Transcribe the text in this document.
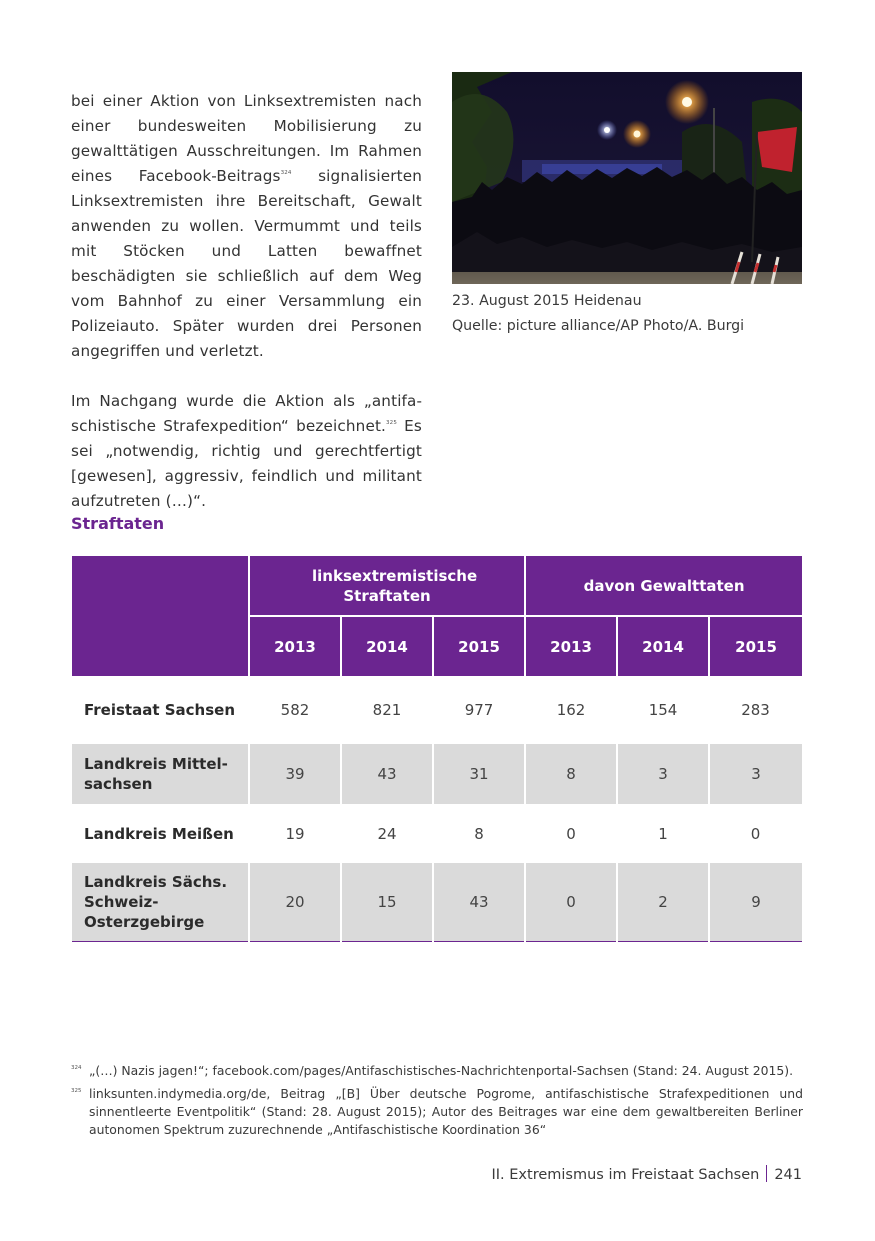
bei einer Aktion von Linksextremisten nach einer bundesweiten Mobilisierung zu gewalttätigen Ausschreitungen. Im Rahmen eines Facebook-Beitrags$^{324}$ signalisierten Linksextremisten ihre Bereitschaft, Gewalt anwenden zu wollen. Vermummt und teils mit Stöcken und Latten bewaffnet beschädigten sie schließlich auf dem Weg vom Bahnhof zu einer Versammlung ein Polizeiauto. Später wurden drei Personen angegriffen und verletzt.

Im Nachgang wurde die Aktion als „antifaschistische Strafexpedition“ bezeichnet.$^{325}$ Es sei „notwendig, richtig und gerechtfertigt [gewesen], aggressiv, feindlich und militant aufzutreten (…)“.

23. August 2015 Heidenau
Quelle: picture alliance/AP Photo/A. Burgi
Straftaten

	linksextremistische Straftaten			davon Gewalttaten		
	2013	2014	2015	2013	2014	2015

Freistaat Sachsen	582	821	977	162	154	283

Landkreis Mittelsachsen	39	43	31	8	3	3
Landkreis Meißen	19	24	8	0	1	0

Landkreis Sächs. Schweiz-Osterzgebirge	20	15	43	0	2	9
324 „(…) Nazis jagen!“; facebook.com/pages/Antifaschistisches-Nachrichtenportal-Sachsen (Stand: 24. August 2015).
325 linksunten.indymedia.org/de, Beitrag „[B] Über deutsche Pogrome, antifaschistische Strafexpeditionen und sinnentleerte Eventpolitik“ (Stand: 28. August 2015); Autor des Beitrages war eine dem gewaltbereiten Berliner autonomen Spektrum zuzurechnende „Antifaschistische Koordination 36“
II. Extremismus im Freistaat Sachsen 241
